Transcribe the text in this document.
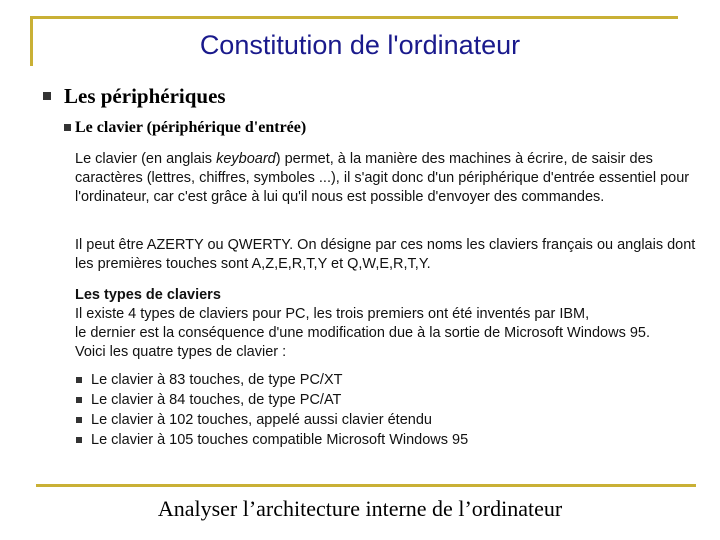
Constitution de l'ordinateur
Les périphériques
Le clavier (périphérique d'entrée)
Le clavier (en anglais keyboard) permet, à la manière des machines à écrire, de saisir des caractères (lettres, chiffres, symboles ...), il s'agit donc d'un périphérique d'entrée essentiel pour l'ordinateur, car c'est grâce à lui qu'il nous est possible d'envoyer des commandes.
Il peut être AZERTY ou QWERTY. On désigne par ces noms les claviers français ou anglais dont les premières touches sont A,Z,E,R,T,Y et Q,W,E,R,T,Y.
Les types de claviers
Il existe 4 types de claviers pour PC, les trois premiers ont été inventés par IBM,
le dernier est la conséquence d'une modification due à la sortie de Microsoft Windows 95.
Voici les quatre types de clavier :
Le clavier à 83 touches, de type PC/XT
Le clavier à 84 touches, de type PC/AT
Le clavier à 102 touches, appelé aussi clavier étendu
Le clavier à 105 touches compatible Microsoft Windows 95
Analyser l’architecture interne de l’ordinateur
